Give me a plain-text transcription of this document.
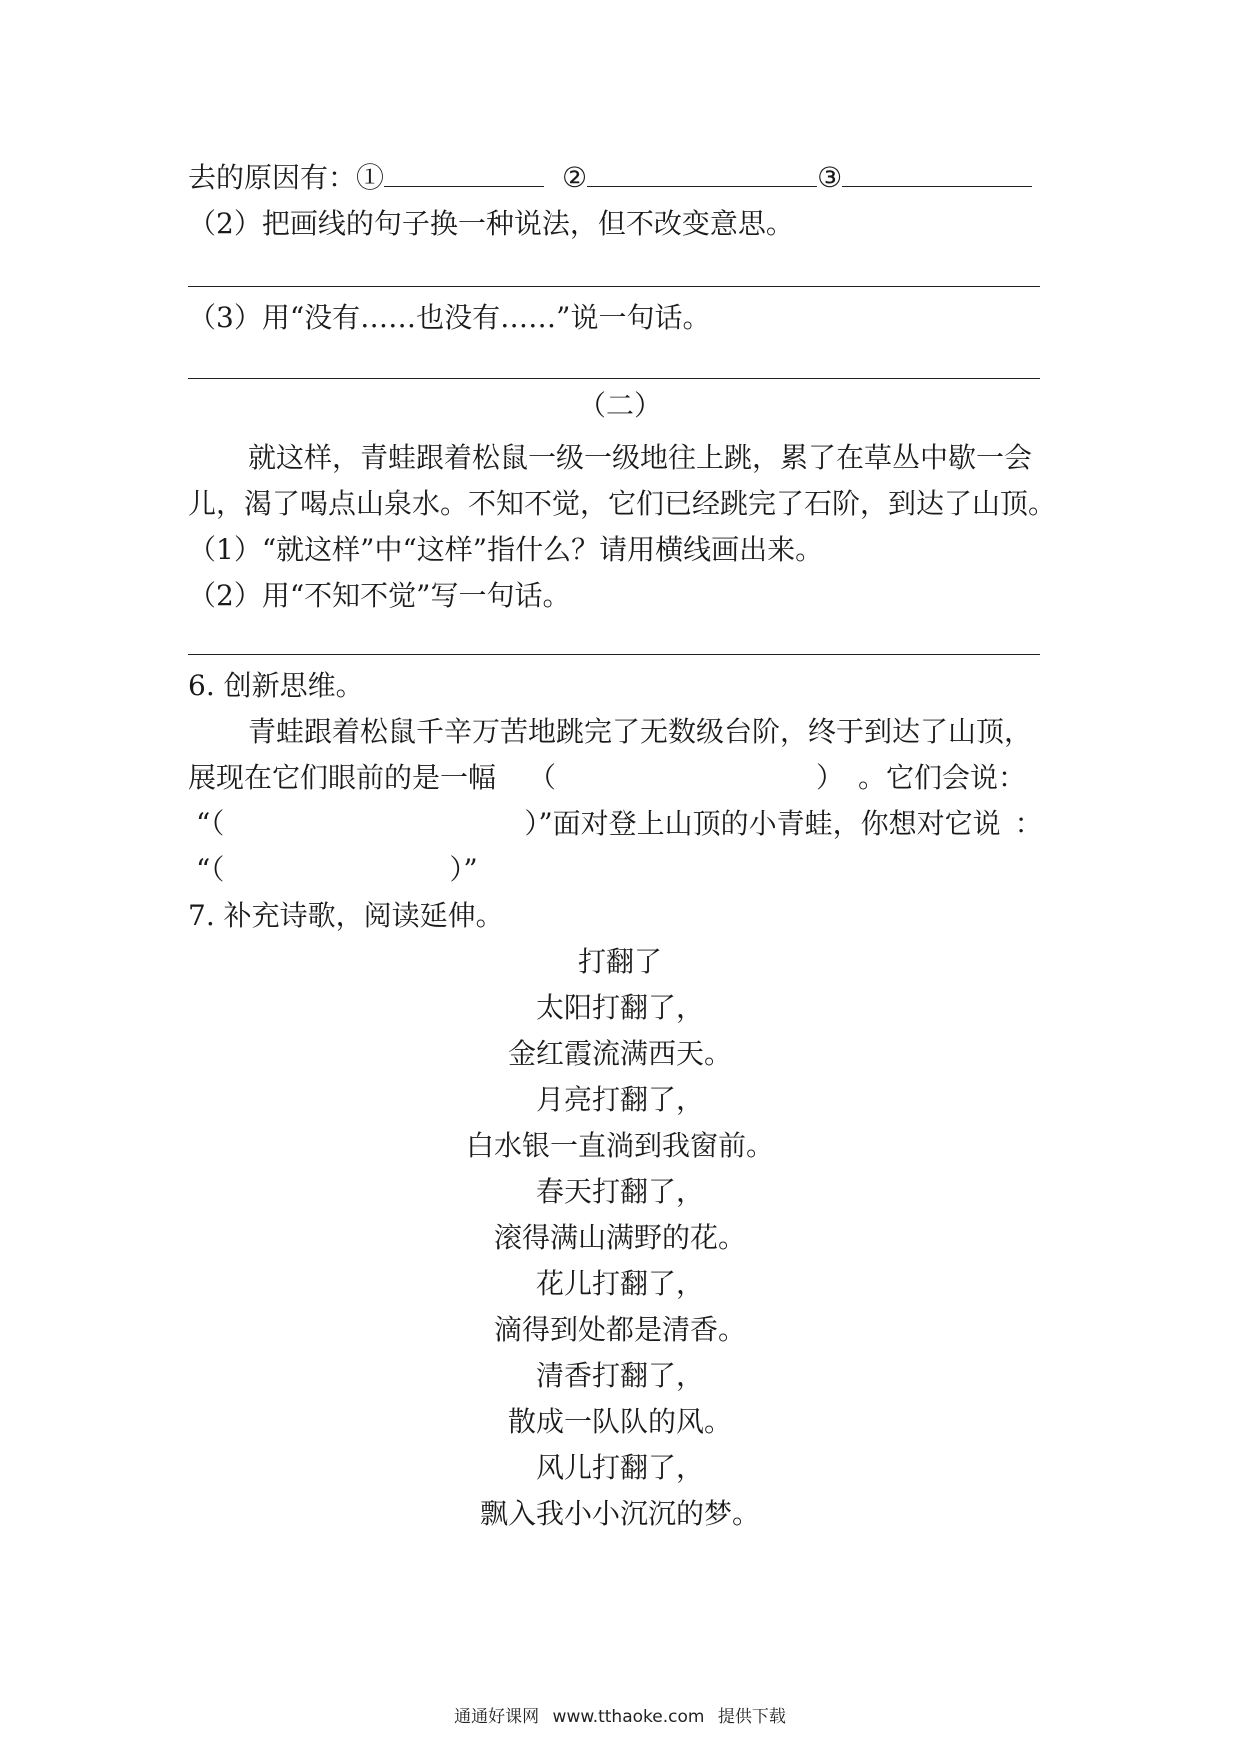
去的原因有：①	②	③
（2）把画线的句子换一种说法，但不改变意思。
（3）用“没有……也没有……”说一句话。
（二）
就这样，青蛙跟着松鼠一级一级地往上跳，累了在草丛中歇一会
儿，渴了喝点山泉水。不知不觉，它们已经跳完了石阶，到达了山顶。
（1）“就这样”中“这样”指什么？请用横线画出来。
（2）用“不知不觉”写一句话。
6. 创新思维。
青蛙跟着松鼠千辛万苦地跳完了无数级台阶，终于到达了山顶，
展现在它们眼前的是一幅 （	） 。它们会说：
“（	）”面对登上山顶的小青蛙，你想对它说 ：
“（	）”
7. 补充诗歌，阅读延伸。
打翻了
太阳打翻了，
金红霞流满西天。
月亮打翻了，
白水银一直淌到我窗前。
春天打翻了，
滚得满山满野的花。
花儿打翻了，
滴得到处都是清香。
清香打翻了，
散成一队队的风。
风儿打翻了，
飘入我小小沉沉的梦。
通通好课网 www.tthaoke.com 提供下载
